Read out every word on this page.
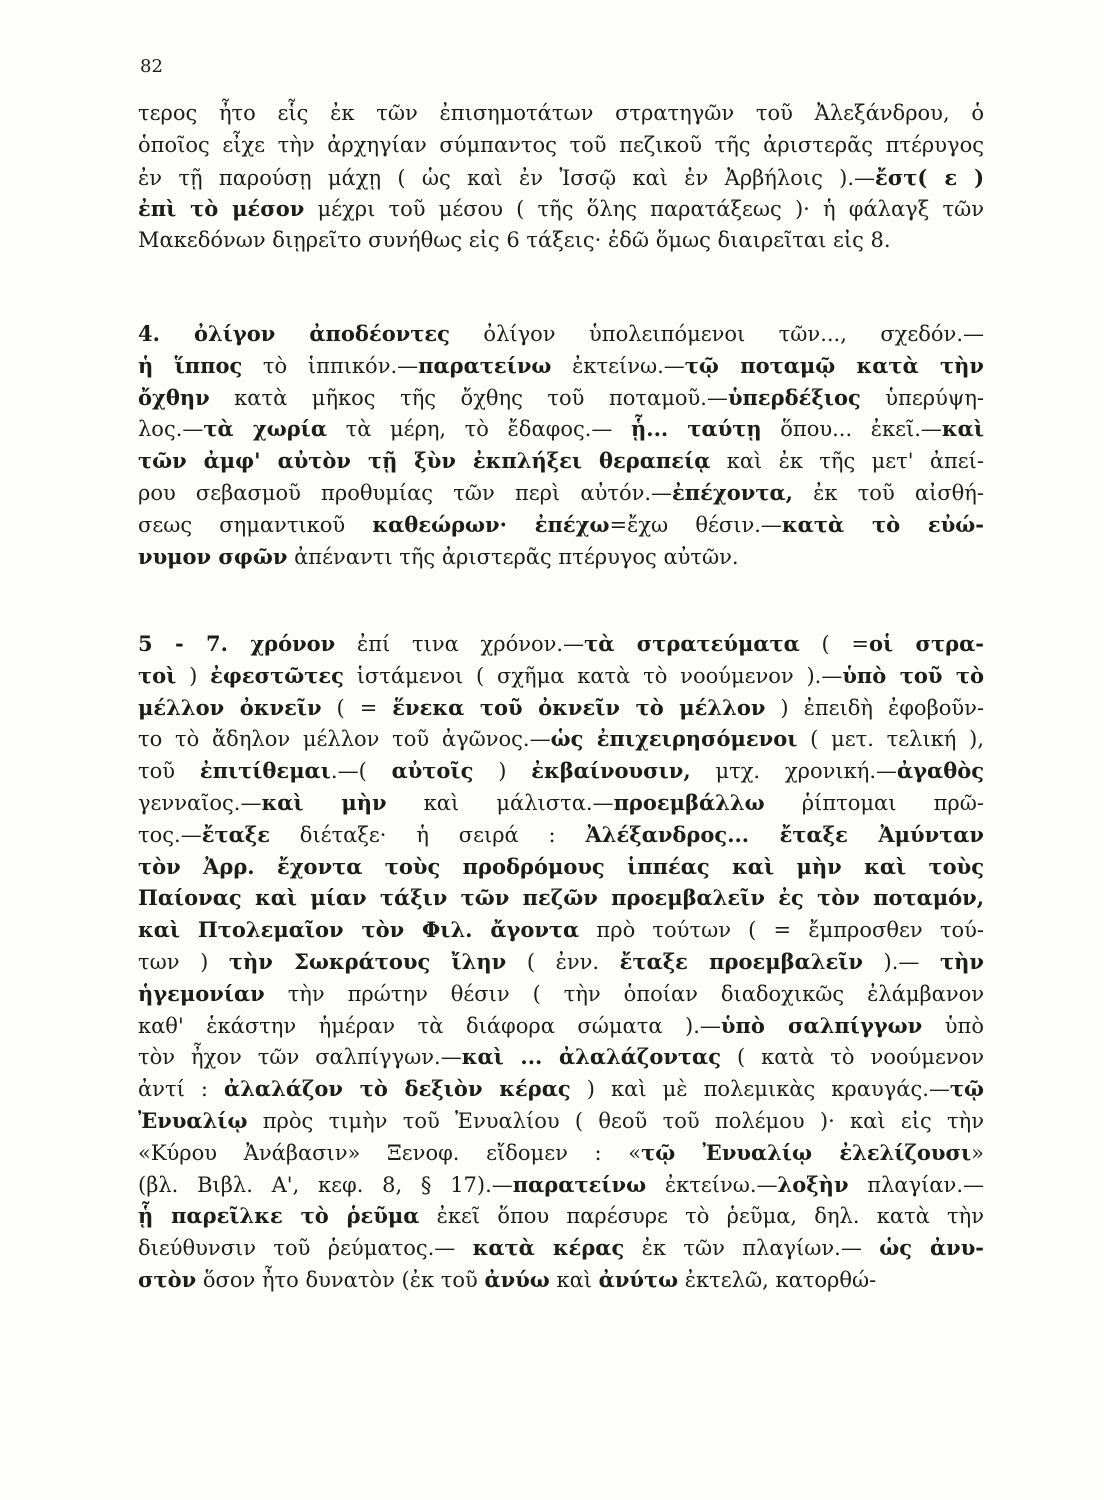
82
τερος ἦτο εἷς ἐκ τῶν ἐπισημοτάτων στρατηγῶν τοῦ Ἀλεξάνδρου, ὁ
ὁποῖος εἶχε τὴν ἀρχηγίαν σύμπαντος τοῦ πεζικοῦ τῆς ἀριστερᾶς πτέρυγος
ἐν τῇ παρούσῃ μάχῃ ( ὡς καὶ ἐν Ἰσσῷ καὶ ἐν Ἀρβήλοις ).—ἔστ( ε )
ἐπὶ τὸ μέσον μέχρι τοῦ μέσου ( τῆς ὅλης παρατάξεως )· ἡ φάλαγξ τῶν
Μακεδόνων διῃρεῖτο συνήθως εἰς 6 τάξεις· ἐδῶ ὅμως διαιρεῖται εἰς 8.
4. ὀλίγον ἀποδέοντες ὀλίγον ὑπολειπόμενοι τῶν..., σχεδόν.—
ἡ ἵππος τὸ ἱππικόν.—παρατείνω ἐκτείνω.—τῷ ποταμῷ κατὰ τὴν
ὄχθην κατὰ μῆκος τῆς ὄχθης τοῦ ποταμοῦ.—ὑπερδέξιος ὑπερύψη-
λος.—τὰ χωρία τὰ μέρη, τὸ ἔδαφος.— ᾗ... ταύτῃ ὅπου... ἐκεῖ.—καὶ
τῶν ἀμφ' αὐτὸν τῇ ξὺν ἐκπλήξει θεραπείᾳ καὶ ἐκ τῆς μετ' ἀπεί-
ρου σεβασμοῦ προθυμίας τῶν περὶ αὐτόν.—ἐπέχοντα, ἐκ τοῦ αἰσθή-
σεως σημαντικοῦ καθεώρων· ἐπέχω=ἔχω θέσιν.—κατὰ τὸ εὐώ-
νυμον σφῶν ἀπέναντι τῆς ἀριστερᾶς πτέρυγος αὐτῶν.
5 - 7. χρόνον ἐπί τινα χρόνον.—τὰ στρατεύματα ( =οἱ στρα-
τοὶ ) ἐφεστῶτες ἱστάμενοι ( σχῆμα κατὰ τὸ νοούμενον ).—ὑπὸ τοῦ τὸ
μέλλον ὀκνεῖν ( = ἕνεκα τοῦ ὀκνεῖν τὸ μέλλον ) ἐπειδὴ ἐφοβοῦν-
το τὸ ἄδηλον μέλλον τοῦ ἀγῶνος.—ὡς ἐπιχειρησόμενοι ( μετ. τελική ),
τοῦ ἐπιτίθεμαι.—( αὐτοῖς ) ἐκβαίνουσιν, μτχ. χρονική.—ἀγαθὸς
γενναῖος.—καὶ μὴν καὶ μάλιστα.—προεμβάλλω ῥίπτομαι πρῶ-
τος.—ἔταξε διέταξε· ἡ σειρά : Ἀλέξανδρος... ἔταξε Ἀμύνταν
τὸν Ἀρρ. ἔχοντα τοὺς προδρόμους ἱππέας καὶ μὴν καὶ τοὺς
Παίονας καὶ μίαν τάξιν τῶν πεζῶν προεμβαλεῖν ἐς τὸν ποταμόν,
καὶ Πτολεμαῖον τὸν Φιλ. ἄγοντα πρὸ τούτων ( = ἔμπροσθεν τού-
των ) τὴν Σωκράτους ἴλην ( ἐνν. ἔταξε προεμβαλεῖν ).— τὴν
ἡγεμονίαν τὴν πρώτην θέσιν ( τὴν ὁποίαν διαδοχικῶς ἐλάμβανον
καθ' ἑκάστην ἡμέραν τὰ διάφορα σώματα ).—ὑπὸ σαλπίγγων ὑπὸ
τὸν ἦχον τῶν σαλπίγγων.—καὶ ... ἀλαλάζοντας ( κατὰ τὸ νοούμενον
ἀντί : ἀλαλάζον τὸ δεξιὸν κέρας ) καὶ μὲ πολεμικὰς κραυγάς.—τῷ
Ἐνυαλίῳ πρὸς τιμὴν τοῦ Ἐνυαλίου ( θεοῦ τοῦ πολέμου )· καὶ εἰς τὴν
«Κύρου Ἀνάβασιν» Ξενοφ. εἴδομεν : «τῷ Ἐνυαλίῳ ἐλελίζουσι»
(βλ. Βιβλ. Α', κεφ. 8, § 17).—παρατείνω ἐκτείνω.—λοξὴν πλαγίαν.—
ᾗ παρεῖλκε τὸ ῥεῦμα ἐκεῖ ὅπου παρέσυρε τὸ ῥεῦμα, δηλ. κατὰ τὴν
διεύθυνσιν τοῦ ῥεύματος.— κατὰ κέρας ἐκ τῶν πλαγίων.— ὡς ἀνυ-
στὸν ὅσον ἦτο δυνατὸν (ἐκ τοῦ ἀνύω καὶ ἀνύτω ἐκτελῶ, κατορθώ-
